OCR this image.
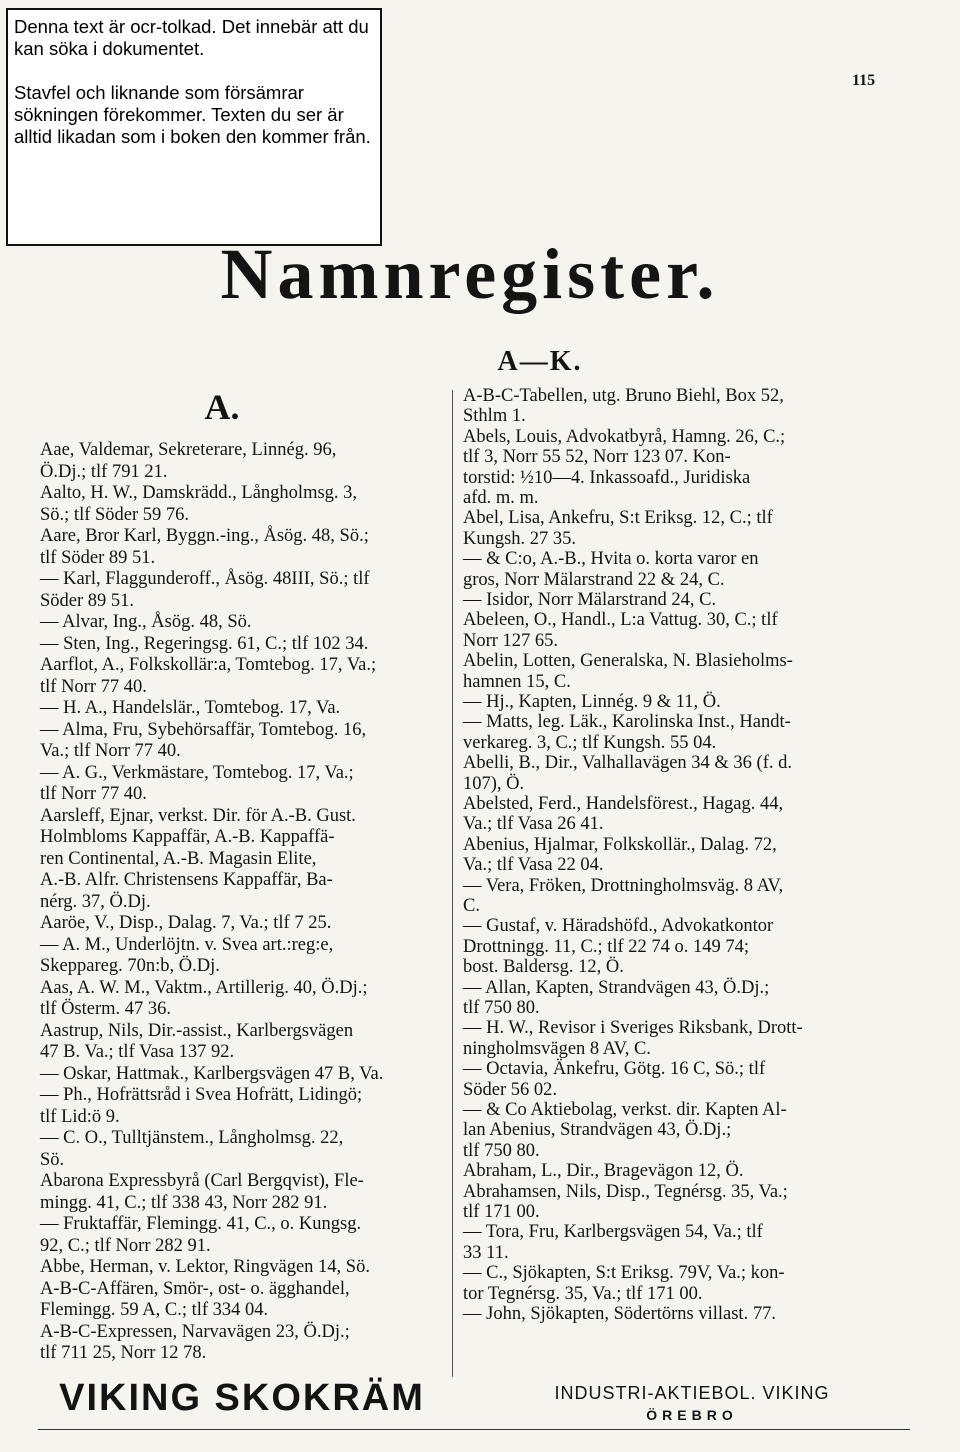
Denna text är ocr-tolkad. Det innebär att du kan söka i dokumentet.

Stavfel och liknande som försämrar sökningen förekommer. Texten du ser är alltid likadan som i boken den kommer från.

115
Namnregister.
A—K.
A.
Aae, Valdemar, Sekreterare, Linnég. 96,
Ö.Dj.; tlf 791 21.
Aalto, H. W., Damskrädd., Långholmsg. 3,
Sö.; tlf Söder 59 76.
Aare, Bror Karl, Byggn.-ing., Åsög. 48, Sö.;
tlf Söder 89 51.
— Karl, Flaggunderoff., Åsög. 48III, Sö.; tlf
Söder 89 51.
— Alvar, Ing., Åsög. 48, Sö.
— Sten, Ing., Regeringsg. 61, C.; tlf 102 34.
Aarflot, A., Folkskollär:a, Tomtebog. 17, Va.;
tlf Norr 77 40.
— H. A., Handelslär., Tomtebog. 17, Va.
— Alma, Fru, Sybehörsaffär, Tomtebog. 16,
Va.; tlf Norr 77 40.
— A. G., Verkmästare, Tomtebog. 17, Va.;
tlf Norr 77 40.
Aarsleff, Ejnar, verkst. Dir. för A.-B. Gust.
Holmbloms Kappaffär, A.-B. Kappaffä-
ren Continental, A.-B. Magasin Elite,
A.-B. Alfr. Christensens Kappaffär, Ba-
nérg. 37, Ö.Dj.
Aaröe, V., Disp., Dalag. 7, Va.; tlf 7 25.
— A. M., Underlöjtn. v. Svea art.:reg:e,
Skeppareg. 70n:b, Ö.Dj.
Aas, A. W. M., Vaktm., Artillerig. 40, Ö.Dj.;
tlf Österm. 47 36.
Aastrup, Nils, Dir.-assist., Karlbergsvägen
47 B. Va.; tlf Vasa 137 92.
— Oskar, Hattmak., Karlbergsvägen 47 B, Va.
— Ph., Hofrättsråd i Svea Hofrätt, Lidingö;
tlf Lid:ö 9.
— C. O., Tulltjänstem., Långholmsg. 22,
Sö.
Abarona Expressbyrå (Carl Bergqvist), Fle-
mingg. 41, C.; tlf 338 43, Norr 282 91.
— Fruktaffär, Flemingg. 41, C., o. Kungsg.
92, C.; tlf Norr 282 91.
Abbe, Herman, v. Lektor, Ringvägen 14, Sö.
A-B-C-Affären, Smör-, ost- o. ägghandel,
Flemingg. 59 A, C.; tlf 334 04.
A-B-C-Expressen, Narvavägen 23, Ö.Dj.;
tlf 711 25, Norr 12 78.
A-B-C-Tabellen, utg. Bruno Biehl, Box 52,
Sthlm 1.
Abels, Louis, Advokatbyrå, Hamng. 26, C.;
tlf 3, Norr 55 52, Norr 123 07. Kon-
torstid: ½10—4. Inkassoafd., Juridiska
afd. m. m.
Abel, Lisa, Ankefru, S:t Eriksg. 12, C.; tlf
Kungsh. 27 35.
— & C:o, A.-B., Hvita o. korta varor en
gros, Norr Mälarstrand 22 & 24, C.
— Isidor, Norr Mälarstrand 24, C.
Abeleen, O., Handl., L:a Vattug. 30, C.; tlf
Norr 127 65.
Abelin, Lotten, Generalska, N. Blasieholms-
hamnen 15, C.
— Hj., Kapten, Linnég. 9 & 11, Ö.
— Matts, leg. Läk., Karolinska Inst., Handt-
verkareg. 3, C.; tlf Kungsh. 55 04.
Abelli, B., Dir., Valhallavägen 34 & 36 (f. d.
107), Ö.
Abelsted, Ferd., Handelsförest., Hagag. 44,
Va.; tlf Vasa 26 41.
Abenius, Hjalmar, Folkskollär., Dalag. 72,
Va.; tlf Vasa 22 04.
— Vera, Fröken, Drottningholmsväg. 8 AV,
C.
— Gustaf, v. Häradshöfd., Advokatkontor
Drottningg. 11, C.; tlf 22 74 o. 149 74;
bost. Baldersg. 12, Ö.
— Allan, Kapten, Strandvägen 43, Ö.Dj.;
tlf 750 80.
— H. W., Revisor i Sveriges Riksbank, Drott-
ningholmsvägen 8 AV, C.
— Octavia, Änkefru, Götg. 16 C, Sö.; tlf
Söder 56 02.
— & Co Aktiebolag, verkst. dir. Kapten Al-
lan Abenius, Strandvägen 43, Ö.Dj.;
tlf 750 80.
Abraham, L., Dir., Bragevägon 12, Ö.
Abrahamsen, Nils, Disp., Tegnérsg. 35, Va.;
tlf 171 00.
— Tora, Fru, Karlbergsvägen 54, Va.; tlf
33 11.
— C., Sjökapten, S:t Eriksg. 79V, Va.; kon-
tor Tegnérsg. 35, Va.; tlf 171 00.
— John, Sjökapten, Södertörns villast. 77.
VIKING SKOKRÄM	INDUSTRI-AKTIEBOL. VIKING
ÖREBRO
